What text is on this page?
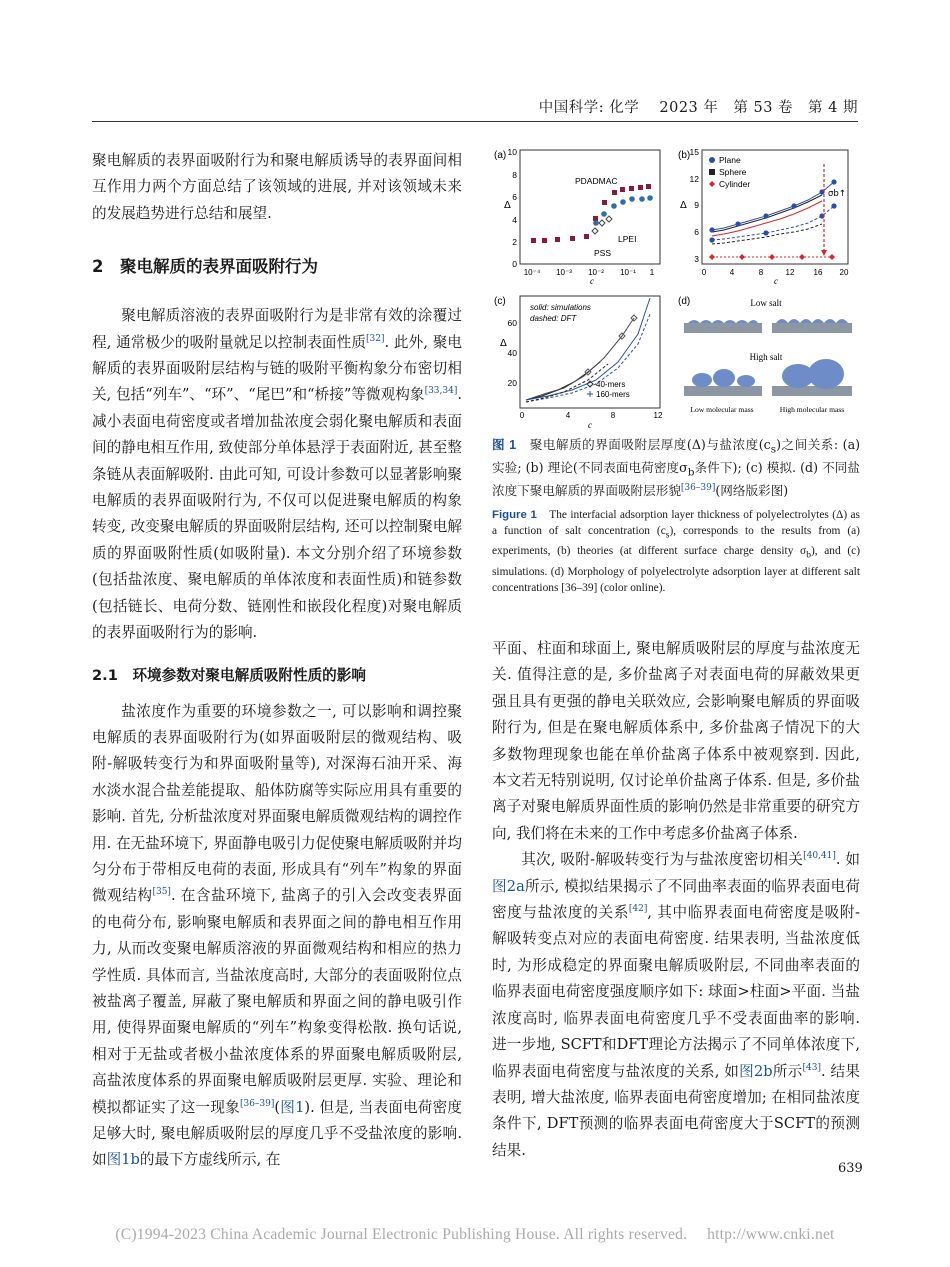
中国科学: 化学　 2023 年　第 53 卷　第 4 期

聚电解质的表界面吸附行为和聚电解质诱导的表界面间相互作用力两个方面总结了该领域的进展, 并对该领域未来的发展趋势进行总结和展望.

2　聚电解质的表界面吸附行为

聚电解质溶液的表界面吸附行为是非常有效的涂覆过程, 通常极少的吸附量就足以控制表面性质[32]. 此外, 聚电解质的表界面吸附层结构与链的吸附平衡构象分布密切相关, 包括“列车”、“环”、“尾巴”和“桥接”等微观构象[33,34]. 减小表面电荷密度或者增加盐浓度会弱化聚电解质和表面间的静电相互作用, 致使部分单体悬浮于表面附近, 甚至整条链从表面解吸附. 由此可知, 可设计参数可以显著影响聚电解质的表界面吸附行为, 不仅可以促进聚电解质的构象转变, 改变聚电解质的界面吸附层结构, 还可以控制聚电解质的界面吸附性质(如吸附量). 本文分别介绍了环境参数(包括盐浓度、聚电解质的单体浓度和表面性质)和链参数(包括链长、电荷分数、链刚性和嵌段化程度)对聚电解质的表界面吸附行为的影响.

2.1　环境参数对聚电解质吸附性质的影响

盐浓度作为重要的环境参数之一, 可以影响和调控聚电解质的表界面吸附行为(如界面吸附层的微观结构、吸附-解吸转变行为和界面吸附量等), 对深海石油开采、海水淡水混合盐差能提取、船体防腐等实际应用具有重要的影响. 首先, 分析盐浓度对界面聚电解质微观结构的调控作用. 在无盐环境下, 界面静电吸引力促使聚电解质吸附并均匀分布于带相反电荷的表面, 形成具有“列车”构象的界面微观结构[35]. 在含盐环境下, 盐离子的引入会改变表界面的电荷分布, 影响聚电解质和表界面之间的静电相互作用力, 从而改变聚电解质溶液的界面微观结构和相应的热力学性质. 具体而言, 当盐浓度高时, 大部分的表面吸附位点被盐离子覆盖, 屏蔽了聚电解质和界面之间的静电吸引作用, 使得界面聚电解质的“列车”构象变得松散. 换句话说, 相对于无盐或者极小盐浓度体系的界面聚电解质吸附层, 高盐浓度体系的界面聚电解质吸附层更厚. 实验、理论和模拟都证实了这一现象[36–39](图1). 但是, 当表面电荷密度足够大时, 聚电解质吸附层的厚度几乎不受盐浓度的影响. 如图1b的最下方虚线所示, 在

(a)
Δ
10
8
6
4
2
0
10⁻⁴ 10⁻³ 10⁻² 10⁻¹ 1
c
PDADMAC
LPEI
PSS
(b)
Δ
15
12
9
6
3
0	4	8	12 16 20
c
Plane
Sphere
Cylinder
σb↑
(c)
Δ
60
40
20
0	4	8	12
c
solid: simulations
dashed: DFT
40-mers
160-mers
(d)	Low salt
High salt
Low molecular mass	High molecular mass
图 1　 聚电解质的界面吸附层厚度(Δ)与盐浓度$(c_s)$之间关系: (a) 实验; (b) 理论(不同表面电荷密度$\sigma_b$条件下); (c) 模拟. (d) 不同盐浓度下聚电解质的界面吸附层形貌[36–39](网络版彩图)
Figure 1　 The interfacial adsorption layer thickness of polyelectrolytes (Δ) as a function of salt concentration $(c_s)$, corresponds to the results from (a) experiments, (b) theories (at different surface charge density $\sigma_b$), and (c) simulations. (d) Morphology of polyelectrolyte adsorption layer at different salt concentrations [36–39] (color online).

平面、柱面和球面上, 聚电解质吸附层的厚度与盐浓度无关. 值得注意的是, 多价盐离子对表面电荷的屏蔽效果更强且具有更强的静电关联效应, 会影响聚电解质的界面吸附行为, 但是在聚电解质体系中, 多价盐离子情况下的大多数物理现象也能在单价盐离子体系中被观察到. 因此, 本文若无特别说明, 仅讨论单价盐离子体系. 但是, 多价盐离子对聚电解质界面性质的影响仍然是非常重要的研究方向, 我们将在未来的工作中考虑多价盐离子体系.

其次, 吸附-解吸转变行为与盐浓度密切相关[40,41]. 如图2a所示, 模拟结果揭示了不同曲率表面的临界表面电荷密度与盐浓度的关系[42], 其中临界表面电荷密度是吸附-解吸转变点对应的表面电荷密度. 结果表明, 当盐浓度低时, 为形成稳定的界面聚电解质吸附层, 不同曲率表面的临界表面电荷密度强度顺序如下: 球面>柱面>平面. 当盐浓度高时, 临界表面电荷密度几乎不受表面曲率的影响. 进一步地, SCFT和DFT理论方法揭示了不同单体浓度下, 临界表面电荷密度与盐浓度的关系, 如图2b所示[43]. 结果表明, 增大盐浓度, 临界表面电荷密度增加; 在相同盐浓度条件下, DFT预测的临界表面电荷密度大于SCFT的预测结果.

639
(C)1994-2023 China Academic Journal Electronic Publishing House. All rights reserved.　 http://www.cnki.net
